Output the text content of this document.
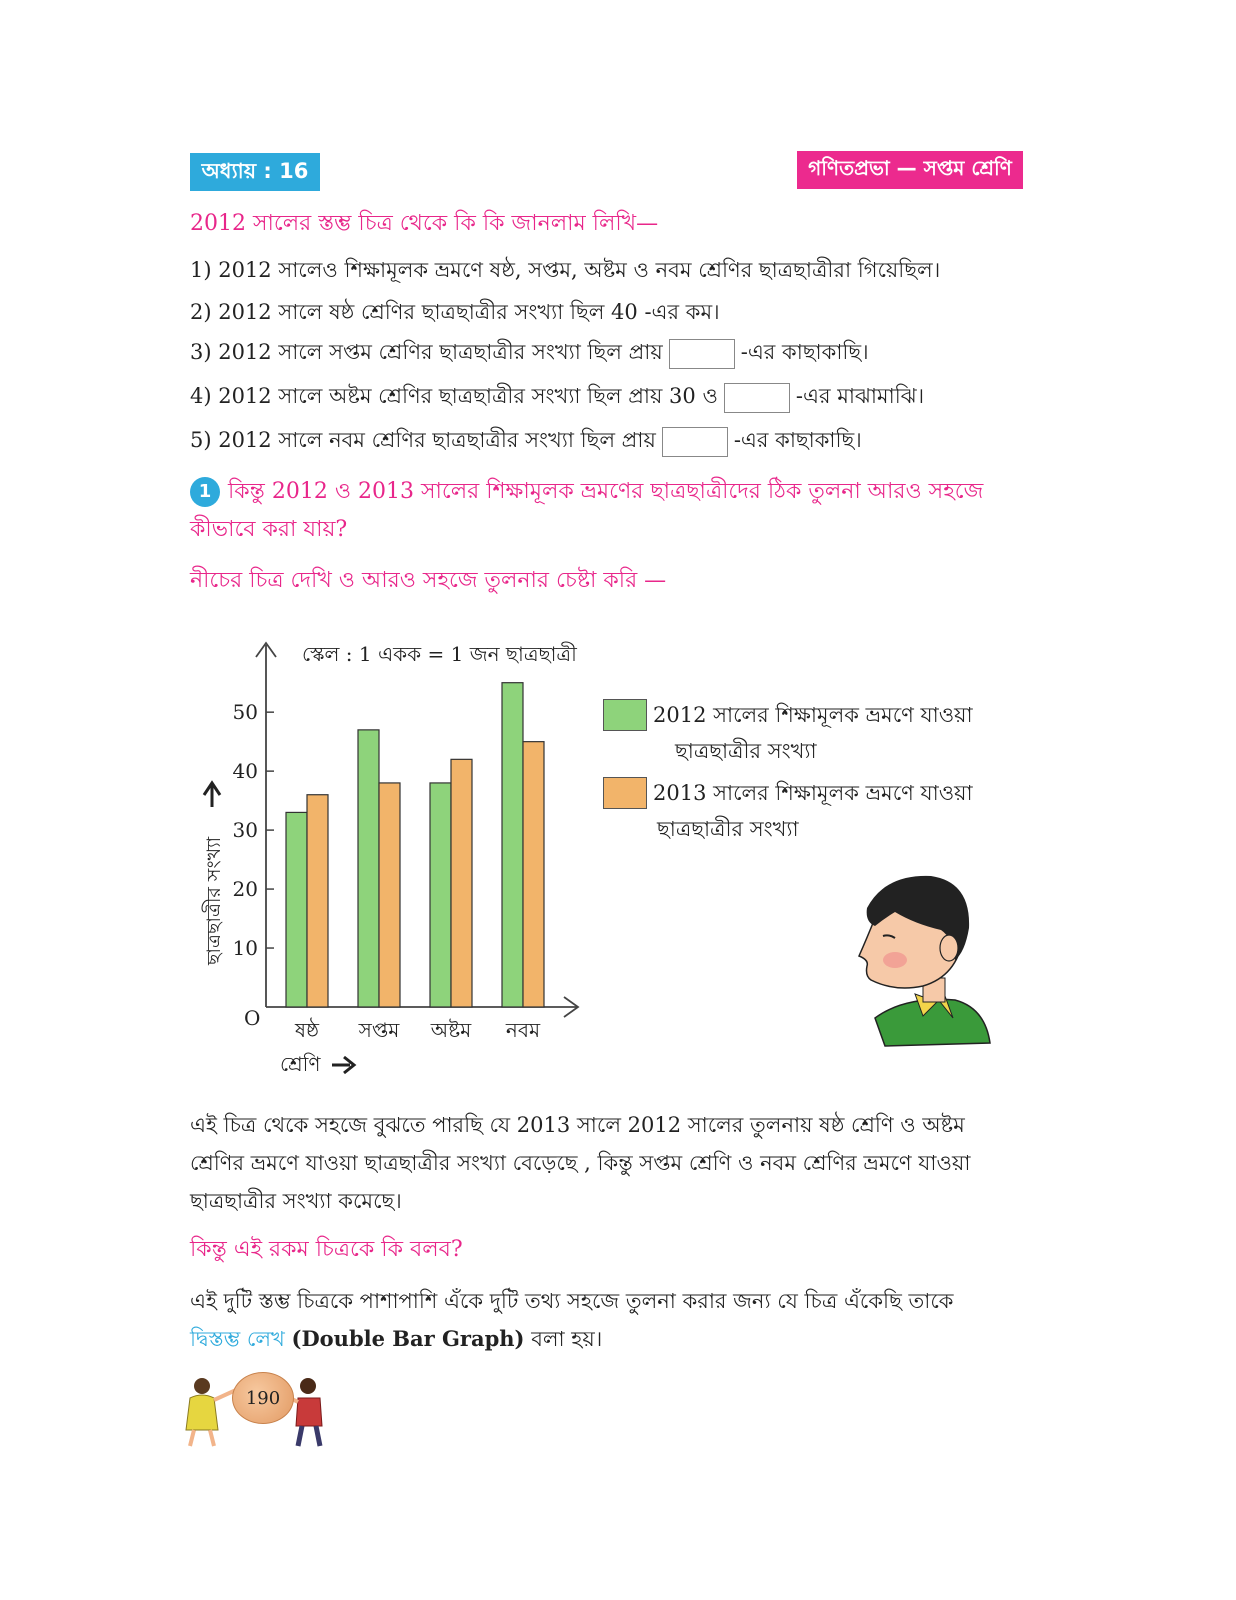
অধ্যায় : 16	গণিতপ্রভা — সপ্তম শ্রেণি
2012 সালের স্তম্ভ চিত্র থেকে কি কি জানলাম লিখি—
1) 2012 সালেও শিক্ষামূলক ভ্রমণে ষষ্ঠ, সপ্তম, অষ্টম ও নবম শ্রেণির ছাত্রছাত্রীরা গিয়েছিল।
2) 2012 সালে ষষ্ঠ শ্রেণির ছাত্রছাত্রীর সংখ্যা ছিল 40 -এর কম।
3) 2012 সালে সপ্তম শ্রেণির ছাত্রছাত্রীর সংখ্যা ছিল প্রায়	-এর কাছাকাছি।
4) 2012 সালে অষ্টম শ্রেণির ছাত্রছাত্রীর সংখ্যা ছিল প্রায় 30 ও	-এর মাঝামাঝি।
5) 2012 সালে নবম শ্রেণির ছাত্রছাত্রীর সংখ্যা ছিল প্রায়	-এর কাছাকাছি।
1 কিন্তু 2012 ও 2013 সালের শিক্ষামূলক ভ্রমণের ছাত্রছাত্রীদের ঠিক তুলনা আরও সহজে
কীভাবে করা যায়?
নীচের চিত্র দেখি ও আরও সহজে তুলনার চেষ্টা করি —
স্কেল : 1 একক = 1 জন ছাত্রছাত্রী
O
10
20
30
40
50
ষষ্ঠ সপ্তম অষ্টম নবম
ছাত্রছাত্রীর সংখ্যা
শ্রেণি
2012 সালের শিক্ষামূলক ভ্রমণে যাওয়া
ছাত্রছাত্রীর সংখ্যা
2013 সালের শিক্ষামূলক ভ্রমণে যাওয়া
ছাত্রছাত্রীর সংখ্যা
এই চিত্র থেকে সহজে বুঝতে পারছি যে 2013 সালে 2012 সালের তুলনায় ষষ্ঠ শ্রেণি ও অষ্টম
শ্রেণির ভ্রমণে যাওয়া ছাত্রছাত্রীর সংখ্যা বেড়েছে , কিন্তু সপ্তম শ্রেণি ও নবম শ্রেণির ভ্রমণে যাওয়া
ছাত্রছাত্রীর সংখ্যা কমেছে।
কিন্তু এই রকম চিত্রকে কি বলব?
এই দুটি স্তম্ভ চিত্রকে পাশাপাশি এঁকে দুটি তথ্য সহজে তুলনা করার জন্য যে চিত্র এঁকেছি তাকে
দ্বিস্তম্ভ লেখ (Double Bar Graph) বলা হয়।
190
